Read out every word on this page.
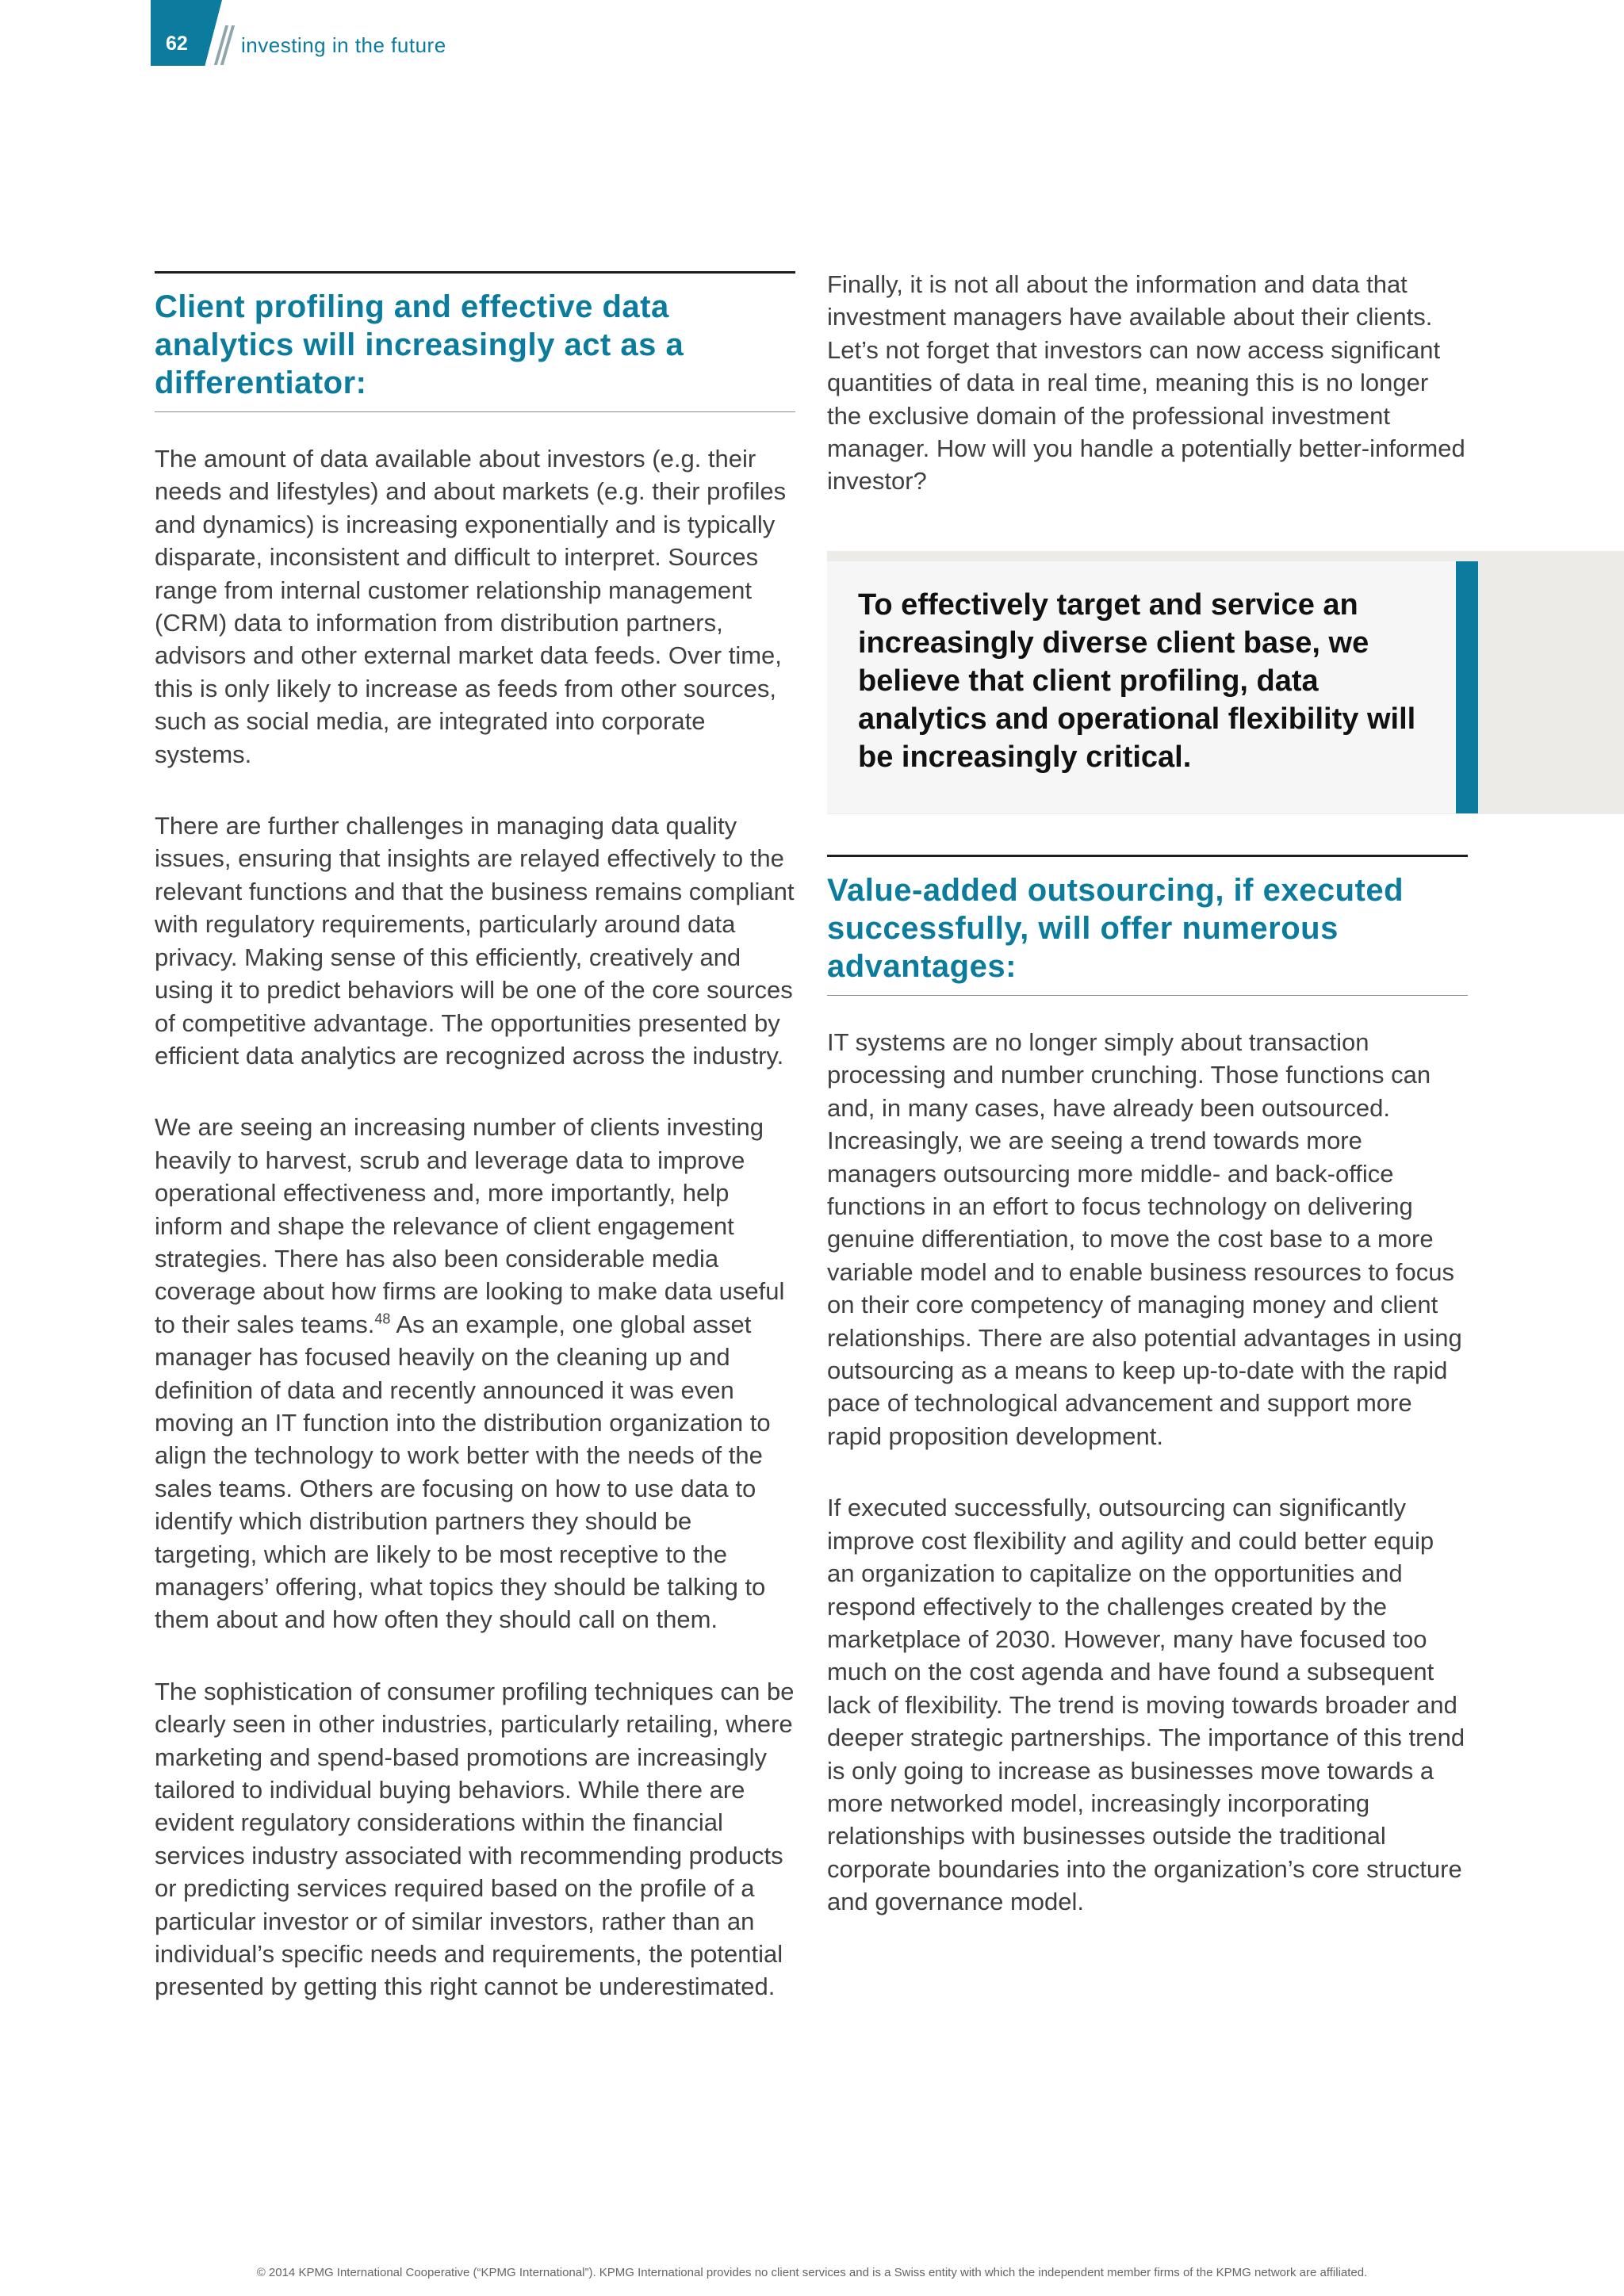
62	investing in the future
Client profiling and effective data analytics will increasingly act as a differentiator:

The amount of data available about investors (e.g. their needs and lifestyles) and about markets (e.g. their profiles and dynamics) is increasing exponentially and is typically disparate, inconsistent and difficult to interpret. Sources range from internal customer relationship management (CRM) data to information from distribution partners, advisors and other external market data feeds. Over time, this is only likely to increase as feeds from other sources, such as social media, are integrated into corporate systems.

There are further challenges in managing data quality issues, ensuring that insights are relayed effectively to the relevant functions and that the business remains compliant with regulatory requirements, particularly around data privacy. Making sense of this efficiently, creatively and using it to predict behaviors will be one of the core sources of competitive advantage. The opportunities presented by efficient data analytics are recognized across the industry.

We are seeing an increasing number of clients investing heavily to harvest, scrub and leverage data to improve operational effectiveness and, more importantly, help inform and shape the relevance of client engagement strategies. There has also been considerable media coverage about how firms are looking to make data useful to their sales teams.$^{48}$ As an example, one global asset manager has focused heavily on the cleaning up and definition of data and recently announced it was even moving an IT function into the distribution organization to align the technology to work better with the needs of the sales teams. Others are focusing on how to use data to identify which distribution partners they should be targeting, which are likely to be most receptive to the managers’ offering, what topics they should be talking to them about and how often they should call on them.

The sophistication of consumer profiling techniques can be clearly seen in other industries, particularly retailing, where marketing and spend-based promotions are increasingly tailored to individual buying behaviors. While there are evident regulatory considerations within the financial services industry associated with recommending products or predicting services required based on the profile of a particular investor or of similar investors, rather than an individual’s specific needs and requirements, the potential presented by getting this right cannot be underestimated.

Finally, it is not all about the information and data that investment managers have available about their clients. Let’s not forget that investors can now access significant quantities of data in real time, meaning this is no longer the exclusive domain of the professional investment manager. How will you handle a potentially better-informed investor?

To effectively target and service an increasingly diverse client base, we believe that client profiling, data analytics and operational flexibility will be increasingly critical.

Value-added outsourcing, if executed successfully, will offer numerous advantages:

IT systems are no longer simply about transaction processing and number crunching. Those functions can and, in many cases, have already been outsourced. Increasingly, we are seeing a trend towards more managers outsourcing more middle- and back-office functions in an effort to focus technology on delivering genuine differentiation, to move the cost base to a more variable model and to enable business resources to focus on their core competency of managing money and client relationships. There are also potential advantages in using outsourcing as a means to keep up-to-date with the rapid pace of technological advancement and support more rapid proposition development.

If executed successfully, outsourcing can significantly improve cost flexibility and agility and could better equip an organization to capitalize on the opportunities and respond effectively to the challenges created by the marketplace of 2030. However, many have focused too much on the cost agenda and have found a subsequent lack of flexibility. The trend is moving towards broader and deeper strategic partnerships. The importance of this trend is only going to increase as businesses move towards a more networked model, increasingly incorporating relationships with businesses outside the traditional corporate boundaries into the organization’s core structure and governance model.

© 2014 KPMG International Cooperative (“KPMG International”). KPMG International provides no client services and is a Swiss entity with which the independent member firms of the KPMG network are affiliated.
